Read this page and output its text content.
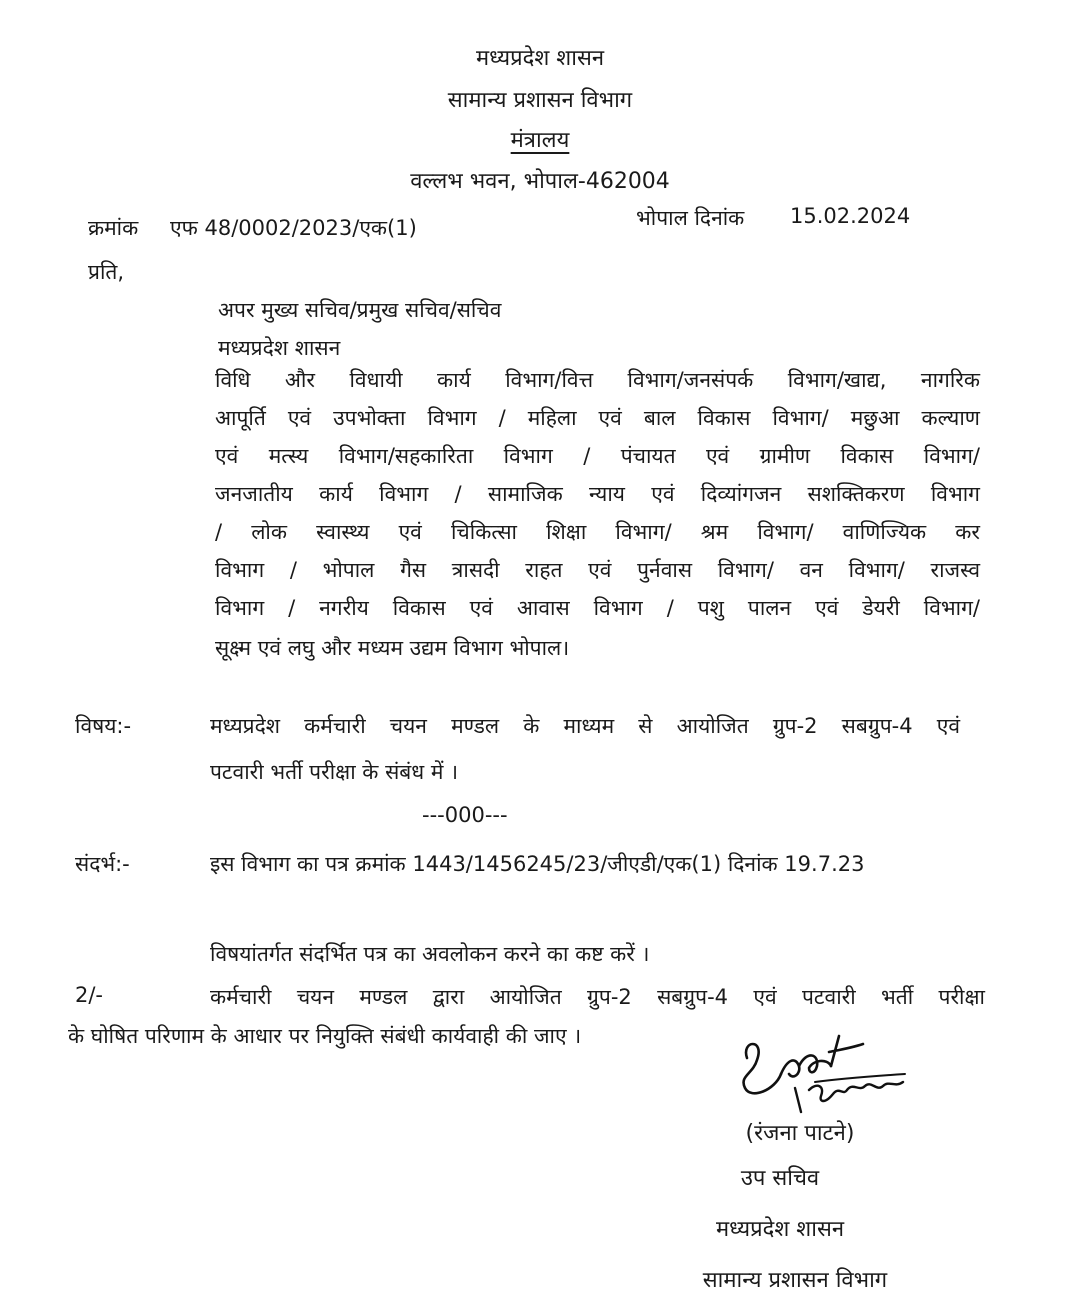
मध्यप्रदेश शासन
सामान्य प्रशासन विभाग
मंत्रालय
वल्लभ भवन, भोपाल-462004
क्रमांक एफ 48/0002/2023/एक(1)	भोपाल दिनांक 15.02.2024
प्रति,
अपर मुख्य सचिव/प्रमुख सचिव/सचिव
मध्यप्रदेश शासन
विधि और विधायी कार्य विभाग/वित्त विभाग/जनसंपर्क विभाग/खाद्य, नागरिक
आपूर्ति एवं उपभोक्ता विभाग / महिला एवं बाल विकास विभाग/ मछुआ कल्याण
एवं मत्स्य विभाग/सहकारिता विभाग / पंचायत एवं ग्रामीण विकास विभाग/
जनजातीय कार्य विभाग / सामाजिक न्याय एवं दिव्यांगजन सशक्तिकरण विभाग
/ लोक स्वास्थ्य एवं चिकित्सा शिक्षा विभाग/ श्रम विभाग/ वाणिज्यिक कर
विभाग / भोपाल गैस त्रासदी राहत एवं पुर्नवास विभाग/ वन विभाग/ राजस्व
विभाग / नगरीय विकास एवं आवास विभाग / पशु पालन एवं डेयरी विभाग/
सूक्ष्म एवं लघु और मध्यम उद्यम विभाग भोपाल।
विषय:-	मध्यप्रदेश कर्मचारी चयन मण्डल के माध्यम से आयोजित ग्रुप-2 सबग्रुप-4 एवं
पटवारी भर्ती परीक्षा के संबंध में ।
---000---
संदर्भ:-	इस विभाग का पत्र क्रमांक 1443/1456245/23/जीएडी/एक(1) दिनांक 19.7.23
विषयांतर्गत संदर्भित पत्र का अवलोकन करने का कष्ट करें ।
2/-	कर्मचारी चयन मण्डल द्वारा आयोजित ग्रुप-2 सबग्रुप-4 एवं पटवारी भर्ती परीक्षा
के घोषित परिणाम के आधार पर नियुक्ति संबंधी कार्यवाही की जाए ।
(रंजना पाटने)
उप सचिव
मध्यप्रदेश शासन
सामान्य प्रशासन विभाग
